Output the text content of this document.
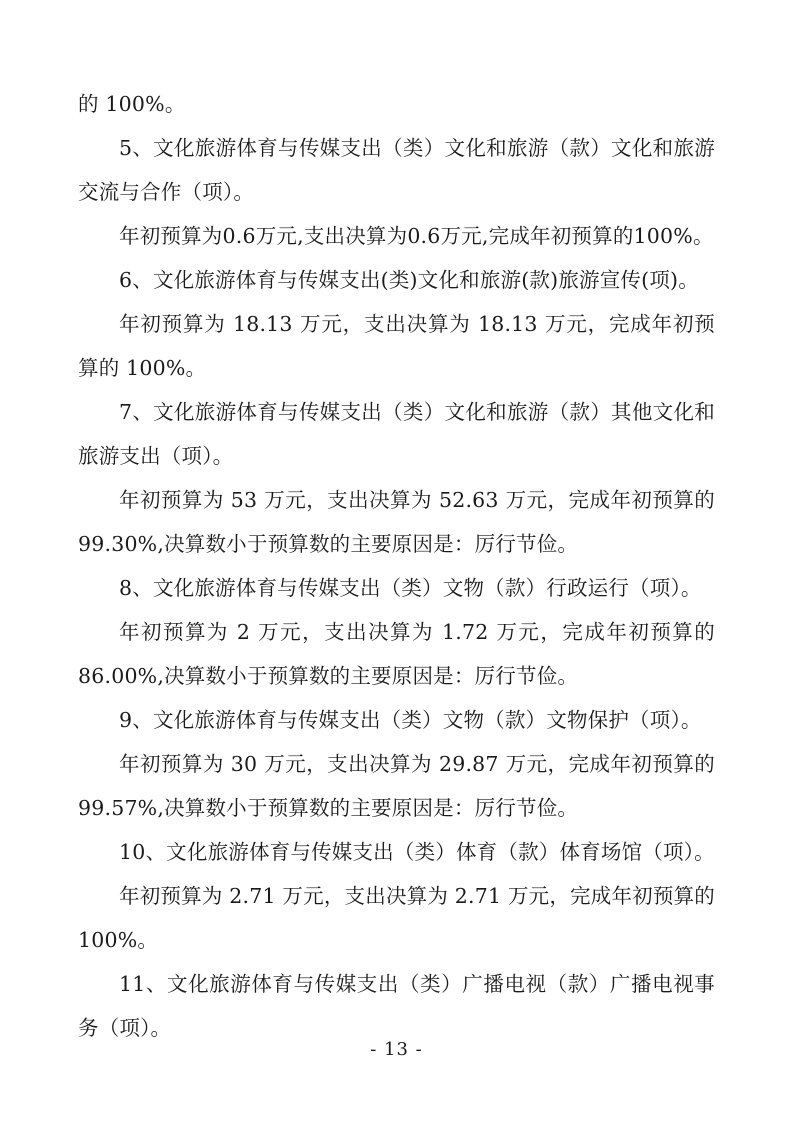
的 100%。

5、文化旅游体育与传媒支出（类）文化和旅游（款）文化和旅游交流与合作（项）。

年初预算为0.6万元,支出决算为0.6万元,完成年初预算的100%。

6、文化旅游体育与传媒支出(类)文化和旅游(款)旅游宣传(项)。

年初预算为 18.13 万元，支出决算为 18.13 万元，完成年初预算的 100%。

7、文化旅游体育与传媒支出（类）文化和旅游（款）其他文化和旅游支出（项）。

年初预算为 53 万元，支出决算为 52.63 万元，完成年初预算的 99.30%,决算数小于预算数的主要原因是：厉行节俭。

8、文化旅游体育与传媒支出（类）文物（款）行政运行（项）。

年初预算为 2 万元，支出决算为 1.72 万元，完成年初预算的 86.00%,决算数小于预算数的主要原因是：厉行节俭。

9、文化旅游体育与传媒支出（类）文物（款）文物保护（项）。

年初预算为 30 万元，支出决算为 29.87 万元，完成年初预算的 99.57%,决算数小于预算数的主要原因是：厉行节俭。

10、文化旅游体育与传媒支出（类）体育（款）体育场馆（项）。

年初预算为 2.71 万元，支出决算为 2.71 万元，完成年初预算的 100%。

11、文化旅游体育与传媒支出（类）广播电视（款）广播电视事务（项）。

- 13 -
